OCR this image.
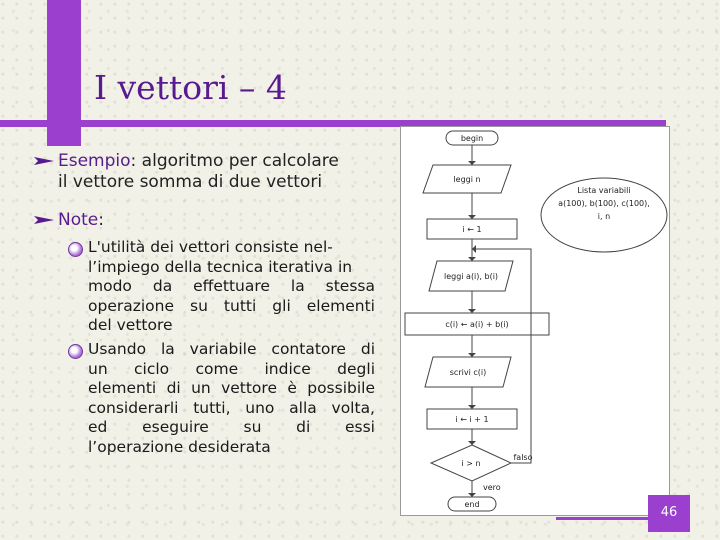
I vettori – 4
Esempio: algoritmo per calcolare
il vettore somma di due vettori
Note:
L'utilità dei vettori consiste nel-
l’impiego della tecnica iterativa in
modo da effettuare la stessa
operazione su tutti gli elementi
del vettore
Usando la variabile contatore di
un ciclo come indice degli
elementi di un vettore è possibile
considerarli tutti, uno alla volta,
ed eseguire su di essi
l’operazione desiderata
begin
leggi n
i ← 1
leggi a(i), b(i)
c(i) ← a(i) + b(i)
scrivi c(i)
i ← i + 1
i > n
falso
vero
end
Lista variabili
a(100), b(100), c(100),
i, n
46
